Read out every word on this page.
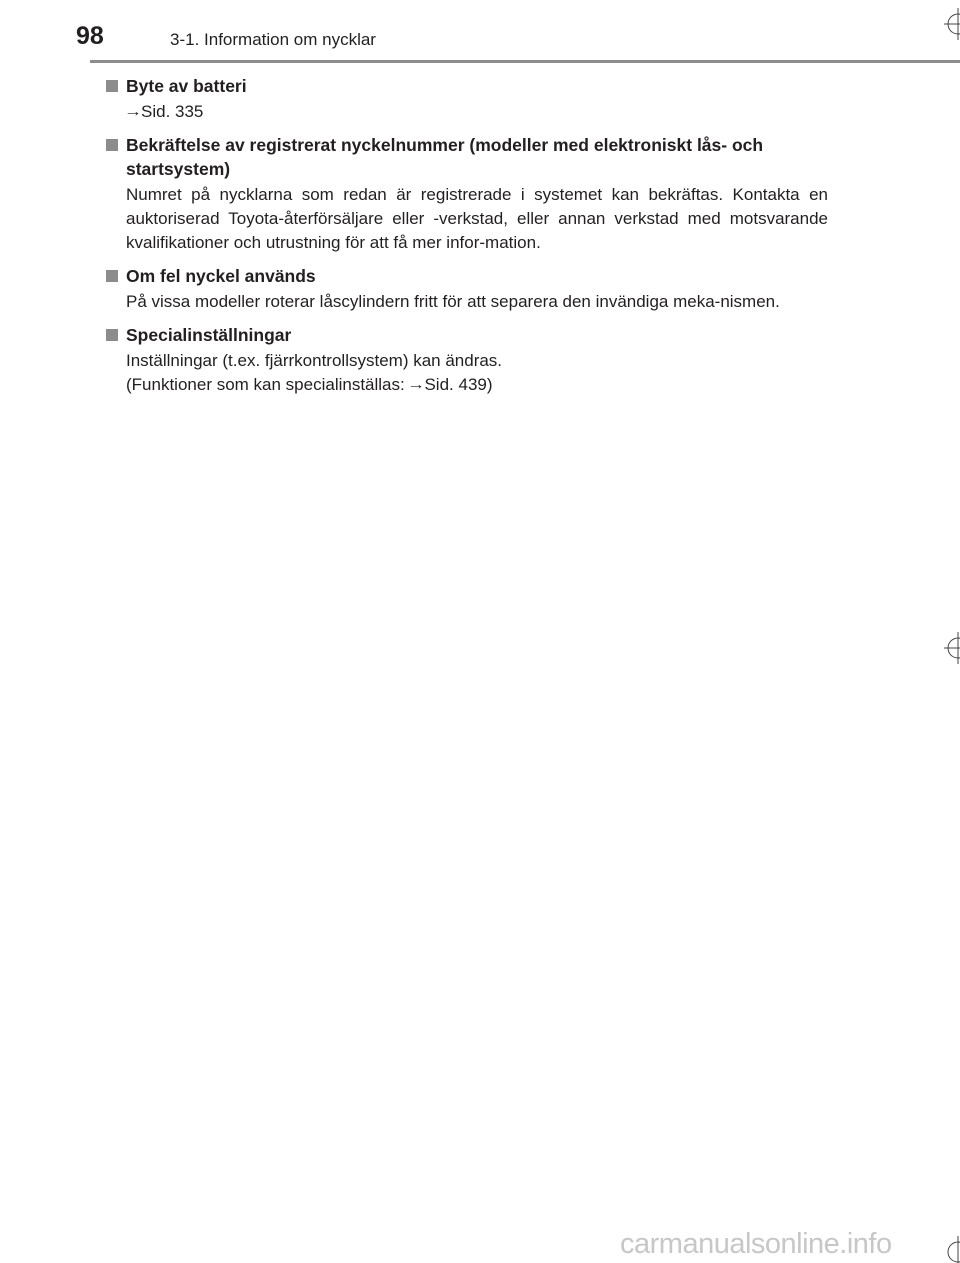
98	3-1. Information om nycklar
Byte av batteri
→Sid. 335
Bekräftelse av registrerat nyckelnummer (modeller med elektroniskt lås- och startsystem)
Numret på nycklarna som redan är registrerade i systemet kan bekräftas. Kontakta en auktoriserad Toyota-återförsäljare eller -verkstad, eller annan verkstad med motsvarande kvalifikationer och utrustning för att få mer infor-mation.
Om fel nyckel används
På vissa modeller roterar låscylindern fritt för att separera den invändiga meka-nismen.
Specialinställningar
Inställningar (t.ex. fjärrkontrollsystem) kan ändras.
(Funktioner som kan specialinställas: →Sid. 439)
carmanualsonline.info
